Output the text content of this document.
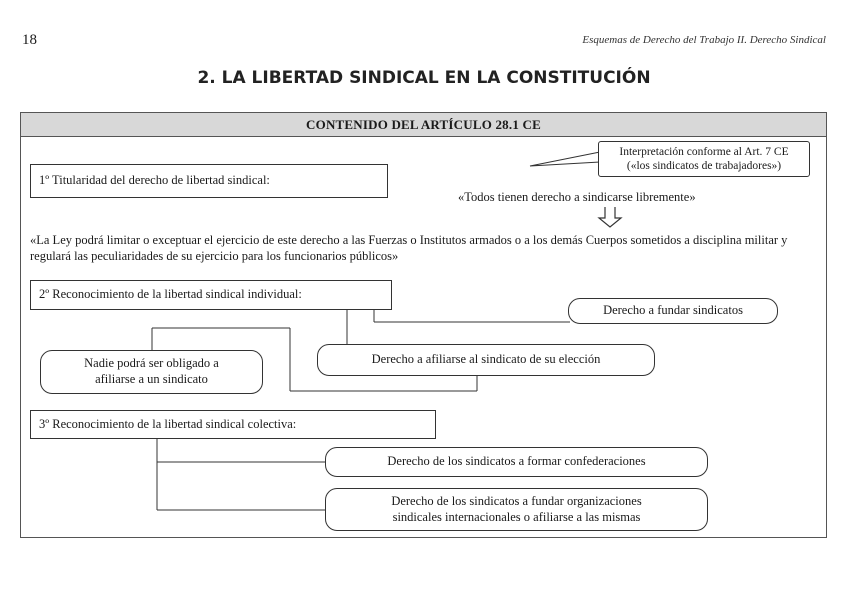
18	Esquemas de Derecho del Trabajo II. Derecho Sindical
2. LA LIBERTAD SINDICAL EN LA CONSTITUCIÓN
CONTENIDO DEL ARTÍCULO 28.1 CE
Interpretación conforme al Art. 7 CE
(«los sindicatos de trabajadores»)
1º Titularidad del derecho de libertad sindical:
«Todos tienen derecho a sindicarse libremente»
«La Ley podrá limitar o exceptuar el ejercicio de este derecho a las Fuerzas o Institutos armados o a los demás Cuerpos sometidos a disciplina militar y regulará las peculiaridades de su ejercicio para los funcionarios públicos»
2º Reconocimiento de la libertad sindical individual:
Derecho a fundar sindicatos
Derecho a afiliarse al sindicato de su elección
Nadie podrá ser obligado a
afiliarse a un sindicato
3º Reconocimiento de la libertad sindical colectiva:
Derecho de los sindicatos a formar confederaciones
Derecho de los sindicatos a fundar organizaciones
sindicales internacionales o afiliarse a las mismas
